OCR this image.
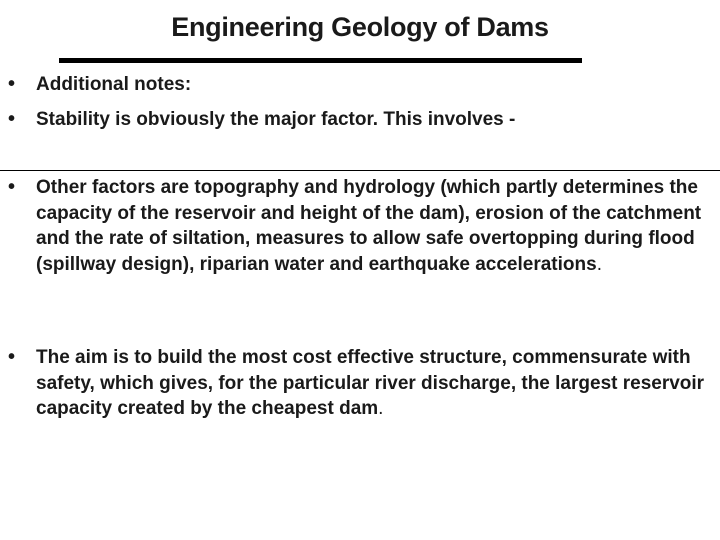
Engineering Geology of Dams
• Additional notes:
• Stability is obviously the major factor. This involves -
• Other factors are topography and hydrology (which partly determines the capacity of the reservoir and height of the dam), erosion of the catchment and the rate of siltation, measures to allow safe overtopping during flood (spillway design), riparian water and earthquake accelerations.
• The aim is to build the most cost effective structure, commensurate with safety, which gives, for the particular river discharge, the largest reservoir capacity created by the cheapest dam.
